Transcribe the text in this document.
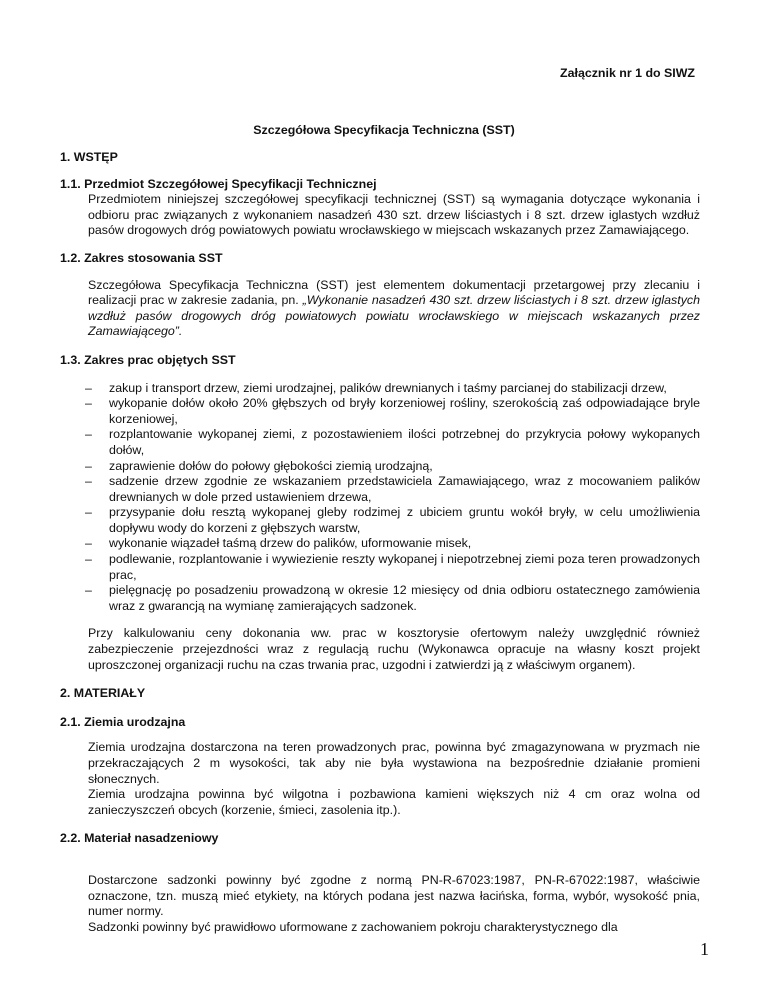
Załącznik nr 1 do SIWZ
Szczegółowa Specyfikacja Techniczna (SST)
1. WSTĘP
1.1. Przedmiot Szczegółowej Specyfikacji Technicznej
Przedmiotem niniejszej szczegółowej specyfikacji technicznej (SST) są wymagania dotyczące wykonania i odbioru prac związanych z wykonaniem nasadzeń 430 szt. drzew liściastych i 8 szt. drzew iglastych wzdłuż pasów drogowych dróg powiatowych powiatu wrocławskiego w miejscach wskazanych przez Zamawiającego.
1.2. Zakres stosowania SST
Szczegółowa Specyfikacja Techniczna (SST) jest elementem dokumentacji przetargowej przy zlecaniu i realizacji prac w zakresie zadania, pn. „Wykonanie nasadzeń 430 szt. drzew liściastych i 8 szt. drzew iglastych wzdłuż pasów drogowych dróg powiatowych powiatu wrocławskiego w miejscach wskazanych przez Zamawiającego”.
1.3. Zakres prac objętych SST
– zakup i transport drzew, ziemi urodzajnej, palików drewnianych i taśmy parcianej do stabilizacji drzew,
– wykopanie dołów około 20% głębszych od bryły korzeniowej rośliny, szerokością zaś odpowiadające bryle korzeniowej,
– rozplantowanie wykopanej ziemi, z pozostawieniem ilości potrzebnej do przykrycia połowy wykopanych dołów,
– zaprawienie dołów do połowy głębokości ziemią urodzajną,
– sadzenie drzew zgodnie ze wskazaniem przedstawiciela Zamawiającego, wraz z mocowaniem palików drewnianych w dole przed ustawieniem drzewa,
– przysypanie dołu resztą wykopanej gleby rodzimej z ubiciem gruntu wokół bryły, w celu umożliwienia dopływu wody do korzeni z głębszych warstw,
– wykonanie wiązadeł taśmą drzew do palików, uformowanie misek,
– podlewanie, rozplantowanie i wywiezienie reszty wykopanej i niepotrzebnej ziemi poza teren prowadzonych prac,
– pielęgnację po posadzeniu prowadzoną w okresie 12 miesięcy od dnia odbioru ostatecznego zamówienia wraz z gwarancją na wymianę zamierających sadzonek.
Przy kalkulowaniu ceny dokonania ww. prac w kosztorysie ofertowym należy uwzględnić również zabezpieczenie przejezdności wraz z regulacją ruchu (Wykonawca opracuje na własny koszt projekt uproszczonej organizacji ruchu na czas trwania prac, uzgodni i zatwierdzi ją z właściwym organem).
2. MATERIAŁY
2.1. Ziemia urodzajna
Ziemia urodzajna dostarczona na teren prowadzonych prac, powinna być zmagazynowana w pryzmach nie przekraczających 2 m wysokości, tak aby nie była wystawiona na bezpośrednie działanie promieni słonecznych.
Ziemia urodzajna powinna być wilgotna i pozbawiona kamieni większych niż 4 cm oraz wolna od zanieczyszczeń obcych (korzenie, śmieci, zasolenia itp.).
2.2. Materiał nasadzeniowy
Dostarczone sadzonki powinny być zgodne z normą PN-R-67023:1987, PN-R-67022:1987, właściwie oznaczone, tzn. muszą mieć etykiety, na których podana jest nazwa łacińska, forma, wybór, wysokość pnia, numer normy.
Sadzonki powinny być prawidłowo uformowane z zachowaniem pokroju charakterystycznego dla
1
